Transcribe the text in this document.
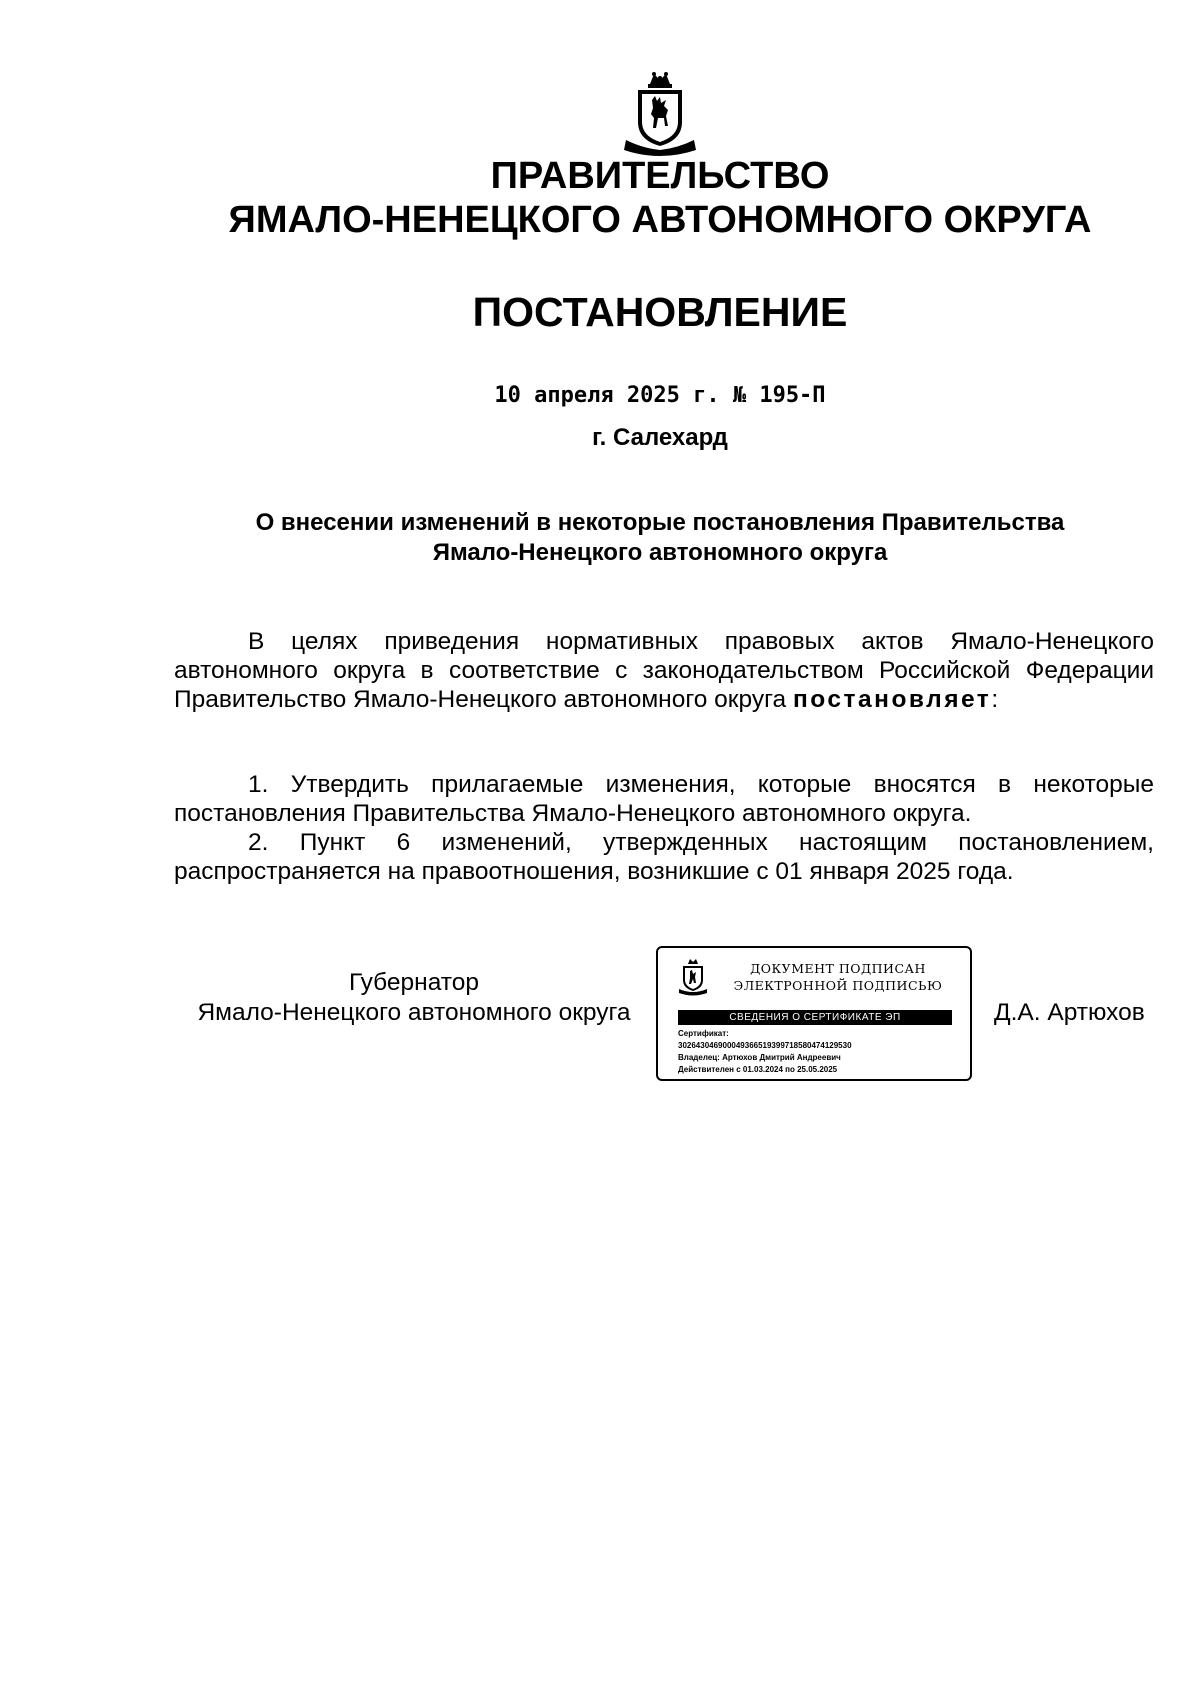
ПРАВИТЕЛЬСТВО
ЯМАЛО-НЕНЕЦКОГО АВТОНОМНОГО ОКРУГА
ПОСТАНОВЛЕНИЕ
10 апреля 2025 г. № 195-П
г. Салехард
О внесении изменений в некоторые постановления Правительства
Ямало-Ненецкого автономного округа

В целях приведения нормативных правовых актов Ямало-Ненецкого автономного округа в соответствие с законодательством Российской Федерации Правительство Ямало-Ненецкого автономного округа постановляет:

1. Утвердить прилагаемые изменения, которые вносятся в некоторые постановления Правительства Ямало-Ненецкого автономного округа.

2. Пункт 6 изменений, утвержденных настоящим постановлением, распространяется на правоотношения, возникшие с 01 января 2025 года.

Губернатор
Ямало-Ненецкого автономного округа
ДОКУМЕНТ ПОДПИСАН
ЭЛЕКТРОННОЙ ПОДПИСЬЮ
СВЕДЕНИЯ О СЕРТИФИКАТЕ ЭП
Сертификат:
302643046900049366519399718580474129530
Владелец: Артюхов Дмитрий Андреевич
Действителен с 01.03.2024 по 25.05.2025
Д.А. Артюхов
